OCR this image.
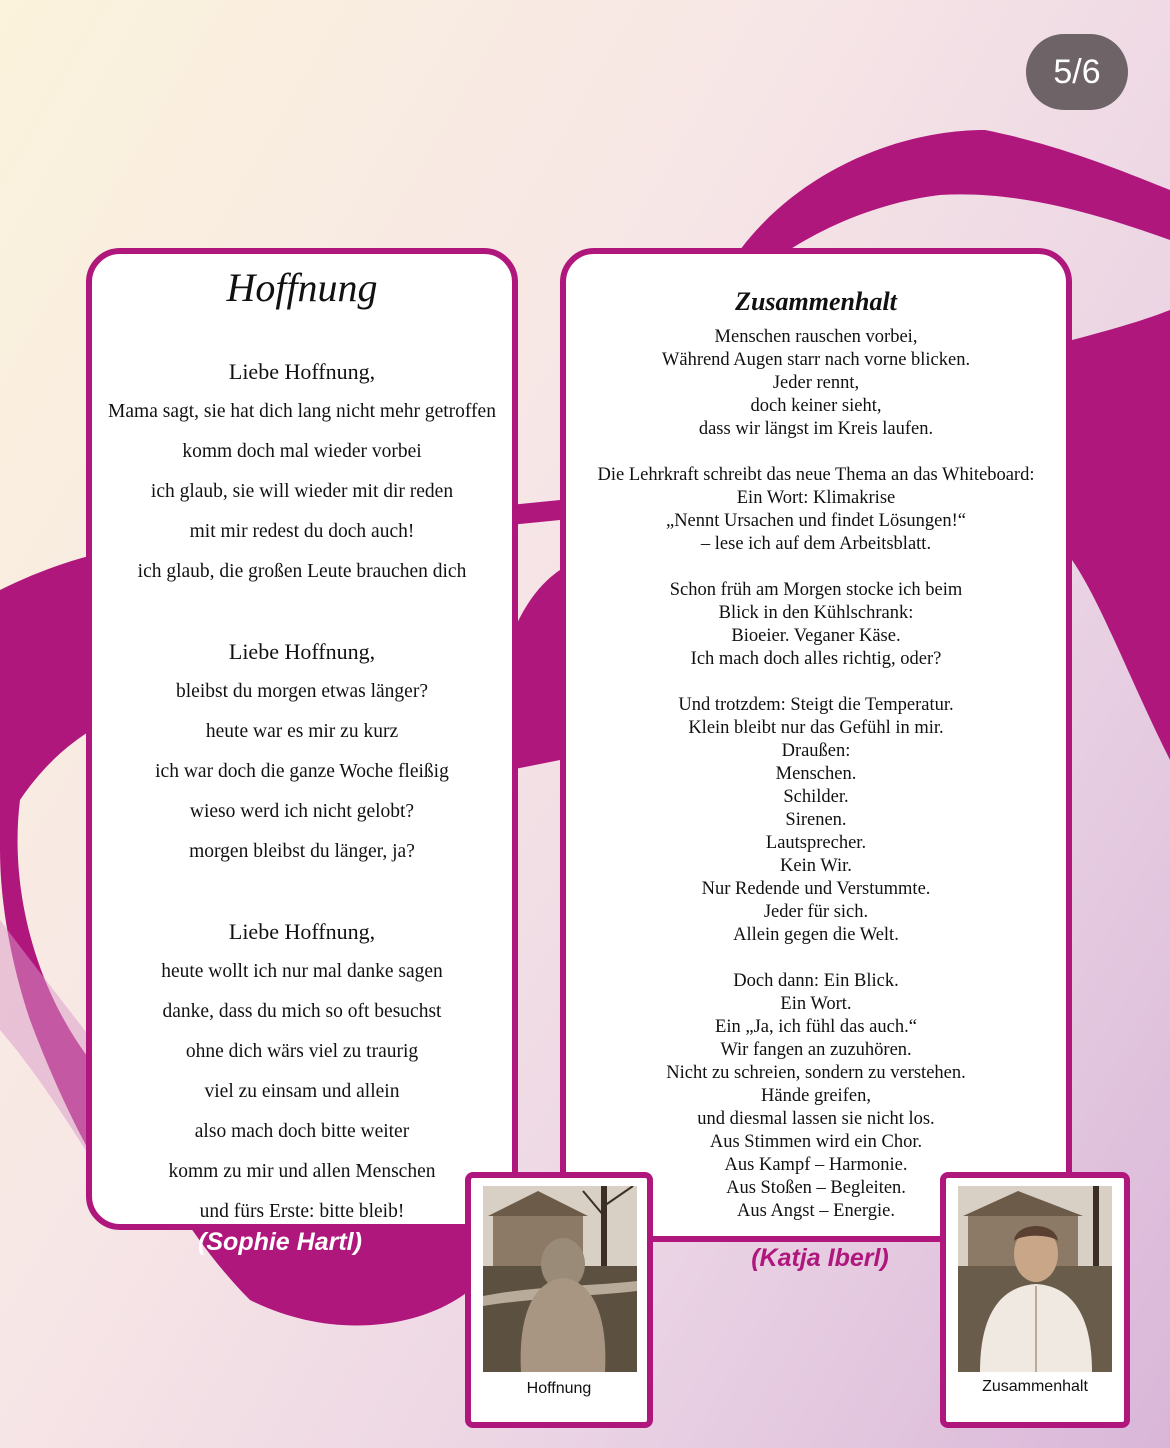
5/6
Hoffnung
Liebe Hoffnung,
Mama sagt, sie hat dich lang nicht mehr getroffen
komm doch mal wieder vorbei
ich glaub, sie will wieder mit dir reden
mit mir redest du doch auch!
ich glaub, die großen Leute brauchen dich
Liebe Hoffnung,
bleibst du morgen etwas länger?
heute war es mir zu kurz
ich war doch die ganze Woche fleißig
wieso werd ich nicht gelobt?
morgen bleibst du länger, ja?
Liebe Hoffnung,
heute wollt ich nur mal danke sagen
danke, dass du mich so oft besuchst
ohne dich wärs viel zu traurig
viel zu einsam und allein
also mach doch bitte weiter
komm zu mir und allen Menschen
und fürs Erste: bitte bleib!
(Sophie Hartl)
Zusammenhalt
Menschen rauschen vorbei,
Während Augen starr nach vorne blicken.
Jeder rennt,
doch keiner sieht,
dass wir längst im Kreis laufen.
Die Lehrkraft schreibt das neue Thema an das Whiteboard:
Ein Wort: Klimakrise
„Nennt Ursachen und findet Lösungen!“
– lese ich auf dem Arbeitsblatt.
Schon früh am Morgen stocke ich beim
Blick in den Kühlschrank:
Bioeier. Veganer Käse.
Ich mach doch alles richtig, oder?
Und trotzdem: Steigt die Temperatur.
Klein bleibt nur das Gefühl in mir.
Draußen:
Menschen.
Schilder.
Sirenen.
Lautsprecher.
Kein Wir.
Nur Redende und Verstummte.
Jeder für sich.
Allein gegen die Welt.
Doch dann: Ein Blick.
Ein Wort.
Ein „Ja, ich fühl das auch.“
Wir fangen an zuzuhören.
Nicht zu schreien, sondern zu verstehen.
Hände greifen,
und diesmal lassen sie nicht los.
Aus Stimmen wird ein Chor.
Aus Kampf – Harmonie.
Aus Stoßen – Begleiten.
Aus Angst – Energie.
(Katja Iberl)
Hoffnung	Zusammenhalt
